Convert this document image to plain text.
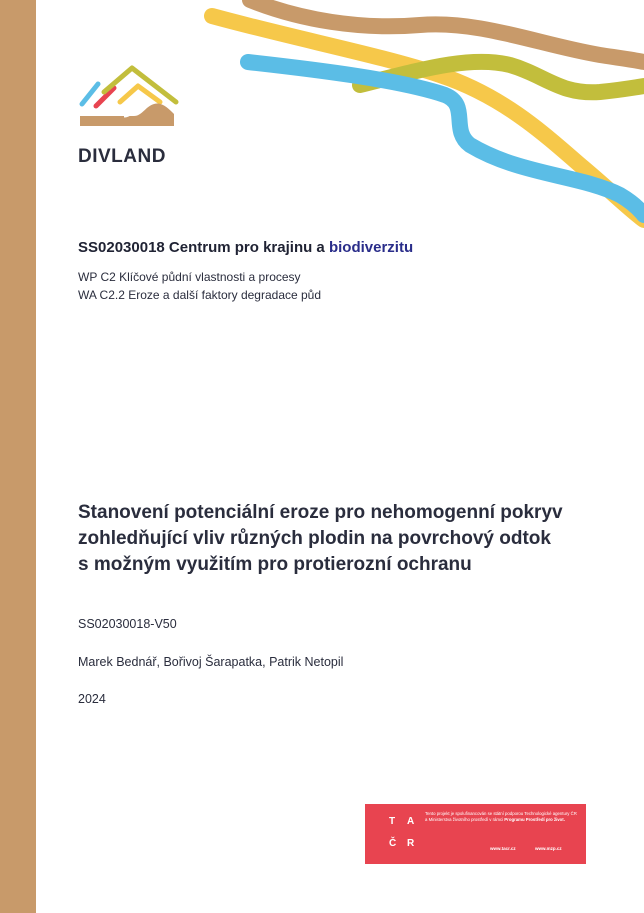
DIVLAND
SS02030018 Centrum pro krajinu a biodiverzitu
WP C2 Klíčové půdní vlastnosti a procesy
WA C2.2 Eroze a další faktory degradace půd
Stanovení potenciální eroze pro nehomogenní pokryv
zohledňující vliv různých plodin na povrchový odtok
s možným využitím pro protierozní ochranu
SS02030018-V50
Marek Bednář, Bořivoj Šarapatka, Patrik Netopil
2024
T
Č
A
R
Tento projekt je spolufinancován se státní podporou Technologické agentury ČR a Ministerstva životního prostředí v rámci Programu Prostředí pro život.
www.tacr.cz	www.mzp.cz
